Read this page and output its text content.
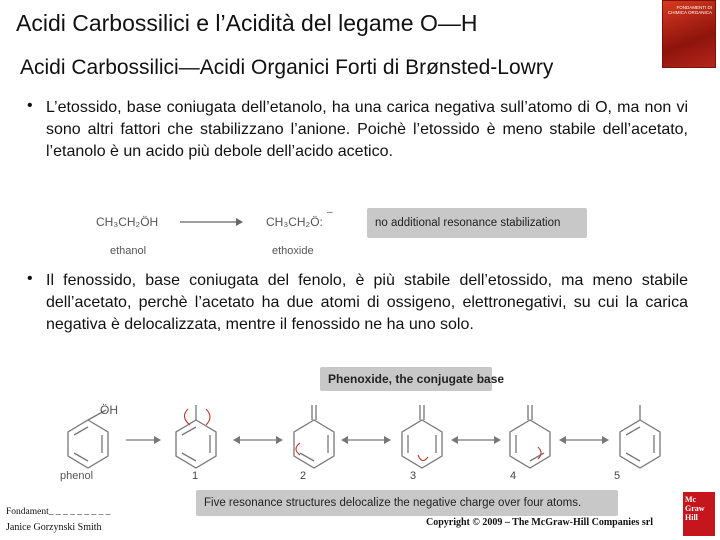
Acidi Carbossilici e l’Acidità del legame O—H
Acidi Carbossilici—Acidi Organici Forti di Brønsted-Lowry
FONDAMENTI DI CHIMICA ORGANICA
• L’etossido, base coniugata dell’etanolo, ha una carica negativa sull’atomo di O, ma non vi sono altri fattori che stabilizzano l’anione. Poichè l’etossido è meno stabile dell’acetato, l’etanolo è un acido più debole dell’acido acetico.
CH₃CH₂ÖH
ethanol
→ CH₃CH₂Ö:
–
ethoxide
no additional resonance stabilization
• Il fenossido, base coniugata del fenolo, è più stabile dell’etossido, ma meno stabile dell’acetato, perchè l’acetato ha due atomi di ossigeno, elettronegativi, su cui la carica negativa è delocalizzata, mentre il fenossido ne ha uno solo.
Phenoxide, the conjugate base
ÖH
phenol	1	2	3	4	5
Five resonance structures delocalize the negative charge over four atoms.
Fondament_ _ _ _ _ _ _ _ _
Janice Gorzynski Smith	Copyright © 2009 – The McGraw-Hill Companies srl
Mc Graw Hill
